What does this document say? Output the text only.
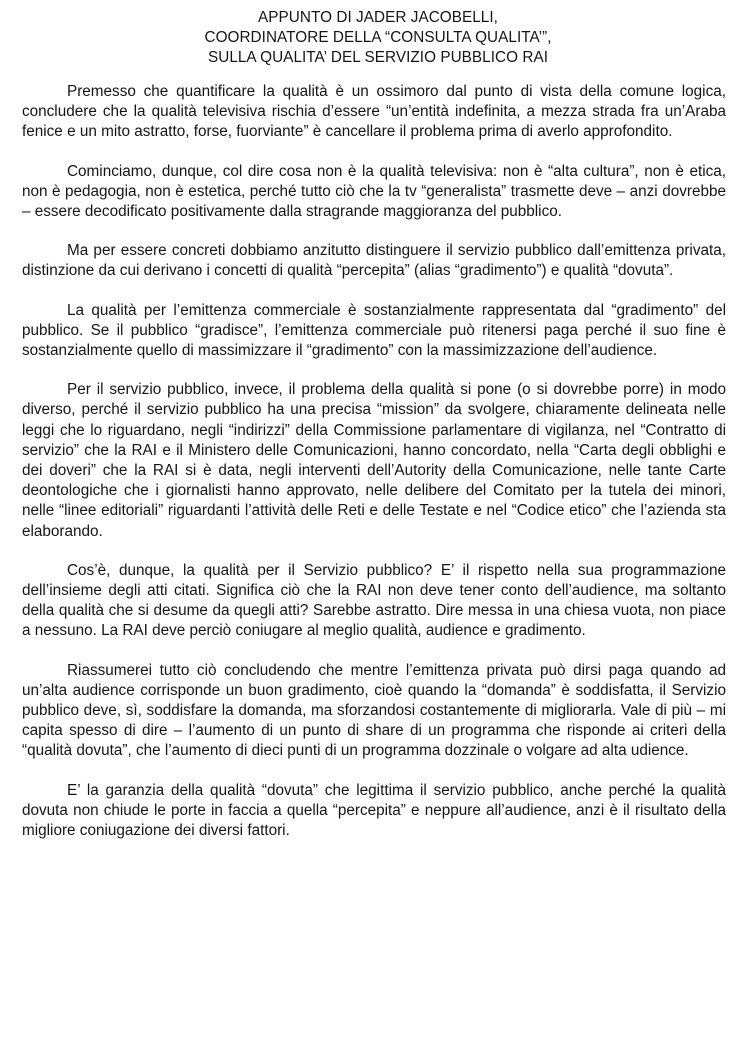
APPUNTO DI JADER JACOBELLI,
COORDINATORE DELLA “CONSULTA QUALITA’”,
SULLA QUALITA’ DEL SERVIZIO PUBBLICO RAI

Premesso che quantificare la qualità è un ossimoro dal punto di vista della comune logica, concludere che la qualità televisiva rischia d’essere “un’entità indefinita, a mezza strada fra un’Araba fenice e un mito astratto, forse, fuorviante” è cancellare il problema prima di averlo approfondito.

Cominciamo, dunque, col dire cosa non è la qualità televisiva: non è “alta cultura”, non è etica, non è pedagogia, non è estetica, perché tutto ciò che la tv “generalista” trasmette deve – anzi dovrebbe – essere decodificato positivamente dalla stragrande maggioranza del pubblico.

Ma per essere concreti dobbiamo anzitutto distinguere il servizio pubblico dall’emittenza privata, distinzione da cui derivano i concetti di qualità “percepita” (alias “gradimento”) e qualità “dovuta”.

La qualità per l’emittenza commerciale è sostanzialmente rappresentata dal “gradimento” del pubblico. Se il pubblico “gradisce”, l’emittenza commerciale può ritenersi paga perché il suo fine è sostanzialmente quello di massimizzare il “gradimento” con la massimizzazione dell’audience.

Per il servizio pubblico, invece, il problema della qualità si pone (o si dovrebbe porre) in modo diverso, perché il servizio pubblico ha una precisa “mission” da svolgere, chiaramente delineata nelle leggi che lo riguardano, negli “indirizzi” della Commissione parlamentare di vigilanza, nel “Contratto di servizio” che la RAI e il Ministero delle Comunicazioni, hanno concordato, nella “Carta degli obblighi e dei doveri” che la RAI si è data, negli interventi dell’Autority della Comunicazione, nelle tante Carte deontologiche che i giornalisti hanno approvato, nelle delibere del Comitato per la tutela dei minori, nelle “linee editoriali” riguardanti l’attività delle Reti e delle Testate e nel “Codice etico” che l’azienda sta elaborando.

Cos’è, dunque, la qualità per il Servizio pubblico? E’ il rispetto nella sua programmazione dell’insieme degli atti citati. Significa ciò che la RAI non deve tener conto dell’audience, ma soltanto della qualità che si desume da quegli atti? Sarebbe astratto. Dire messa in una chiesa vuota, non piace a nessuno. La RAI deve perciò coniugare al meglio qualità, audience e gradimento.

Riassumerei tutto ciò concludendo che mentre l’emittenza privata può dirsi paga quando ad un’alta audience corrisponde un buon gradimento, cioè quando la “domanda” è soddisfatta, il Servizio pubblico deve, sì, soddisfare la domanda, ma sforzandosi costantemente di migliorarla. Vale di più – mi capita spesso di dire – l’aumento di un punto di share di un programma che risponde ai criteri della “qualità dovuta”, che l’aumento di dieci punti di un programma dozzinale o volgare ad alta udience.

E’ la garanzia della qualità “dovuta” che legittima il servizio pubblico, anche perché la qualità dovuta non chiude le porte in faccia a quella “percepita” e neppure all’audience, anzi è il risultato della migliore coniugazione dei diversi fattori.
